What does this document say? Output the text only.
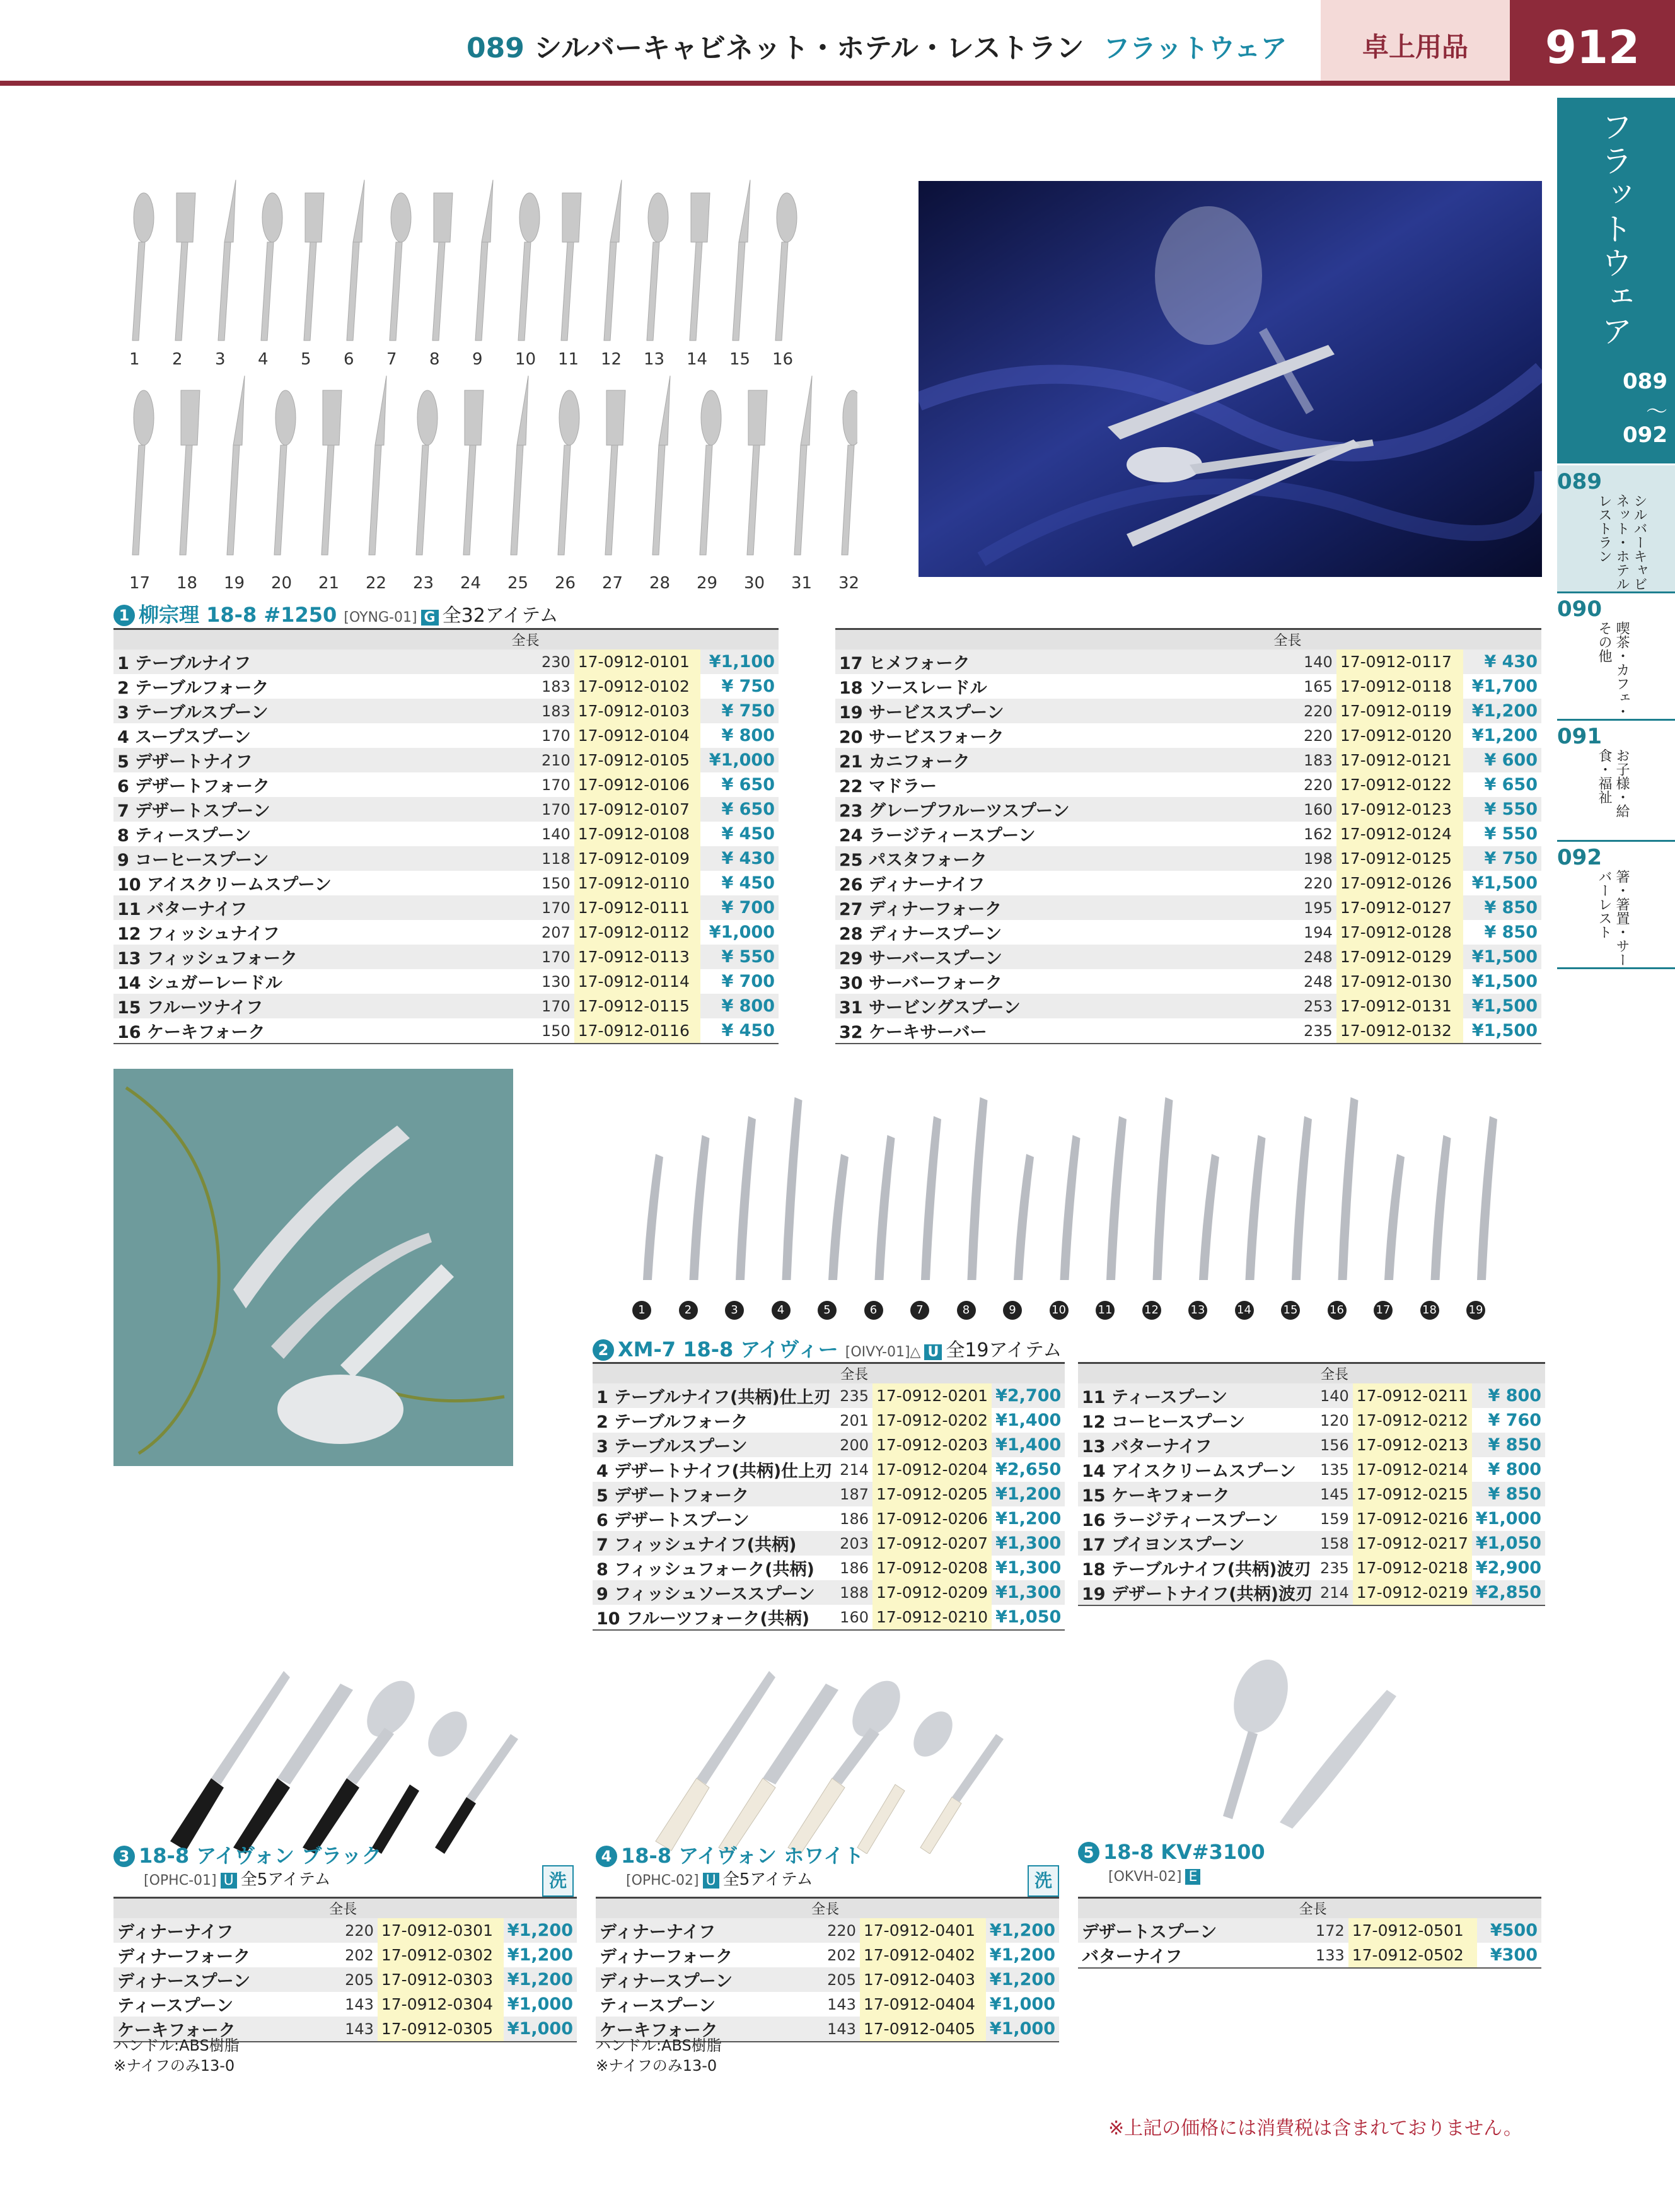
089 シルバーキャビネット・ホテル・レストラン フラットウェア	卓上用品	912
フラットウェア
089
～
092
089
シルバーキャビネット・ホテルレストラン
090
喫茶・カフェ・その他
091
お子様・給食・福祉
092
箸・箸置・サーバーレスト
1 2 3 4 5 6 7 8 9 10 11 12 13 14 15 16
17 18 19 20 21 22 23 24 25 26 27 28 29 30 31 32
1	2	3	4	5	6	7	8	9	10	11	12	13	14	15	16	17	18	19
1 柳宗理 18-8 #1250 [OYNG-01] G 全32アイテム
	全長		
1 テーブルナイフ	230	17-0912-0101	¥1,100
2 テーブルフォーク	183	17-0912-0102	¥ 750
3 テーブルスプーン	183	17-0912-0103	¥ 750
4 スープスプーン	170	17-0912-0104	¥ 800
5 デザートナイフ	210	17-0912-0105	¥1,000
6 デザートフォーク	170	17-0912-0106	¥ 650
7 デザートスプーン	170	17-0912-0107	¥ 650
8 ティースプーン	140	17-0912-0108	¥ 450
9 コーヒースプーン	118	17-0912-0109	¥ 430
10 アイスクリームスプーン	150	17-0912-0110	¥ 450
11 バターナイフ	170	17-0912-0111	¥ 700
12 フィッシュナイフ	207	17-0912-0112	¥1,000
13 フィッシュフォーク	170	17-0912-0113	¥ 550
14 シュガーレードル	130	17-0912-0114	¥ 700
15 フルーツナイフ	170	17-0912-0115	¥ 800
16 ケーキフォーク	150	17-0912-0116	¥ 450
	全長		
17 ヒメフォーク	140	17-0912-0117	¥ 430
18 ソースレードル	165	17-0912-0118	¥1,700
19 サービススプーン	220	17-0912-0119	¥1,200
20 サービスフォーク	220	17-0912-0120	¥1,200
21 カニフォーク	183	17-0912-0121	¥ 600
22 マドラー	220	17-0912-0122	¥ 650
23 グレープフルーツスプーン	160	17-0912-0123	¥ 550
24 ラージティースプーン	162	17-0912-0124	¥ 550
25 パスタフォーク	198	17-0912-0125	¥ 750
26 ディナーナイフ	220	17-0912-0126	¥1,500
27 ディナーフォーク	195	17-0912-0127	¥ 850
28 ディナースプーン	194	17-0912-0128	¥ 850
29 サーバースプーン	248	17-0912-0129	¥1,500
30 サーバーフォーク	248	17-0912-0130	¥1,500
31 サービングスプーン	253	17-0912-0131	¥1,500
32 ケーキサーバー	235	17-0912-0132	¥1,500
2 XM-7 18-8 アイヴィー [OIVY-01]△ U 全19アイテム
	全長		
1 テーブルナイフ(共柄)仕上刃	235	17-0912-0201	¥2,700
2 テーブルフォーク	201	17-0912-0202	¥1,400
3 テーブルスプーン	200	17-0912-0203	¥1,400
4 デザートナイフ(共柄)仕上刃	214	17-0912-0204	¥2,650
5 デザートフォーク	187	17-0912-0205	¥1,200
6 デザートスプーン	186	17-0912-0206	¥1,200
7 フィッシュナイフ(共柄)	203	17-0912-0207	¥1,300
8 フィッシュフォーク(共柄)	186	17-0912-0208	¥1,300
9 フィッシュソーススプーン	188	17-0912-0209	¥1,300
10 フルーツフォーク(共柄)	160	17-0912-0210	¥1,050
	全長		
11 ティースプーン	140	17-0912-0211	¥ 800
12 コーヒースプーン	120	17-0912-0212	¥ 760
13 バターナイフ	156	17-0912-0213	¥ 850
14 アイスクリームスプーン	135	17-0912-0214	¥ 800
15 ケーキフォーク	145	17-0912-0215	¥ 850
16 ラージティースプーン	159	17-0912-0216	¥1,000
17 ブイヨンスプーン	158	17-0912-0217	¥1,050
18 テーブルナイフ(共柄)波刃	235	17-0912-0218	¥2,900
19 デザートナイフ(共柄)波刃	214	17-0912-0219	¥2,850
3 18-8 アイヴォン ブラック
[OPHC-01] U 全5アイテム	洗
	全長		
ディナーナイフ	220	17-0912-0301	¥1,200
ディナーフォーク	202	17-0912-0302	¥1,200
ディナースプーン	205	17-0912-0303	¥1,200
ティースプーン	143	17-0912-0304	¥1,000
ケーキフォーク	143	17-0912-0305	¥1,000
ハンドル:ABS樹脂
※ナイフのみ13-0
4 18-8 アイヴォン ホワイト
[OPHC-02] U 全5アイテム	洗
	全長		
ディナーナイフ	220	17-0912-0401	¥1,200
ディナーフォーク	202	17-0912-0402	¥1,200
ディナースプーン	205	17-0912-0403	¥1,200
ティースプーン	143	17-0912-0404	¥1,000
ケーキフォーク	143	17-0912-0405	¥1,000
ハンドル:ABS樹脂
※ナイフのみ13-0
5 18-8 KV#3100
[OKVH-02] E
	全長		
デザートスプーン	172	17-0912-0501	¥500
バターナイフ	133	17-0912-0502	¥300
※上記の価格には消費税は含まれておりません。
